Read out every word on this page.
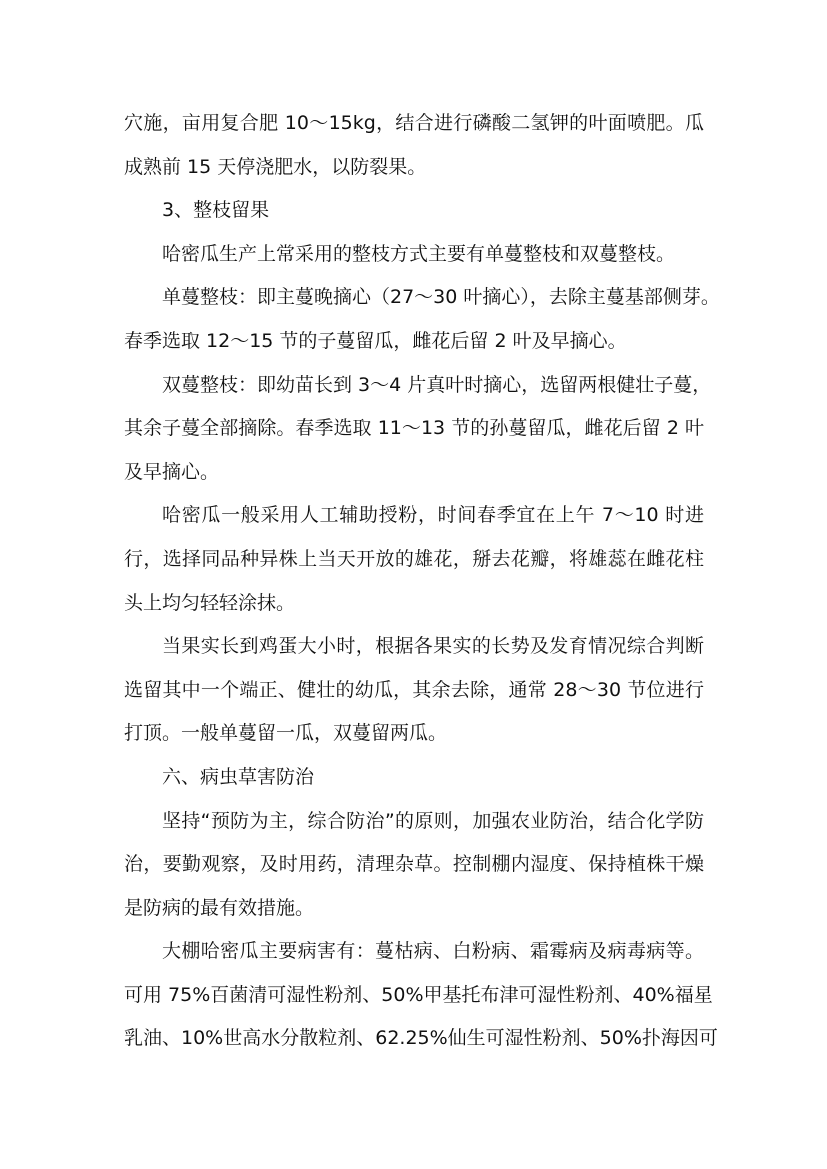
穴施，亩用复合肥 10～15kg，结合进行磷酸二氢钾的叶面喷肥。瓜

成熟前 15 天停浇肥水，以防裂果。

3、整枝留果

哈密瓜生产上常采用的整枝方式主要有单蔓整枝和双蔓整枝。

单蔓整枝：即主蔓晚摘心（27～30 叶摘心），去除主蔓基部侧芽。

春季选取 12～15 节的子蔓留瓜，雌花后留 2 叶及早摘心。

双蔓整枝：即幼苗长到 3～4 片真叶时摘心，选留两根健壮子蔓，

其余子蔓全部摘除。春季选取 11～13 节的孙蔓留瓜，雌花后留 2 叶

及早摘心。

哈密瓜一般采用人工辅助授粉，时间春季宜在上午 7～10 时进

行，选择同品种异株上当天开放的雄花，掰去花瓣，将雄蕊在雌花柱

头上均匀轻轻涂抹。

当果实长到鸡蛋大小时，根据各果实的长势及发育情况综合判断

选留其中一个端正、健壮的幼瓜，其余去除，通常 28～30 节位进行

打顶。一般单蔓留一瓜，双蔓留两瓜。

六、病虫草害防治

坚持“预防为主，综合防治”的原则，加强农业防治，结合化学防

治，要勤观察，及时用药，清理杂草。控制棚内湿度、保持植株干燥

是防病的最有效措施。

大棚哈密瓜主要病害有：蔓枯病、白粉病、霜霉病及病毒病等。

可用 75%百菌清可湿性粉剂、50%甲基托布津可湿性粉剂、40%福星

乳油、10%世高水分散粒剂、62.25%仙生可湿性粉剂、50%扑海因可
